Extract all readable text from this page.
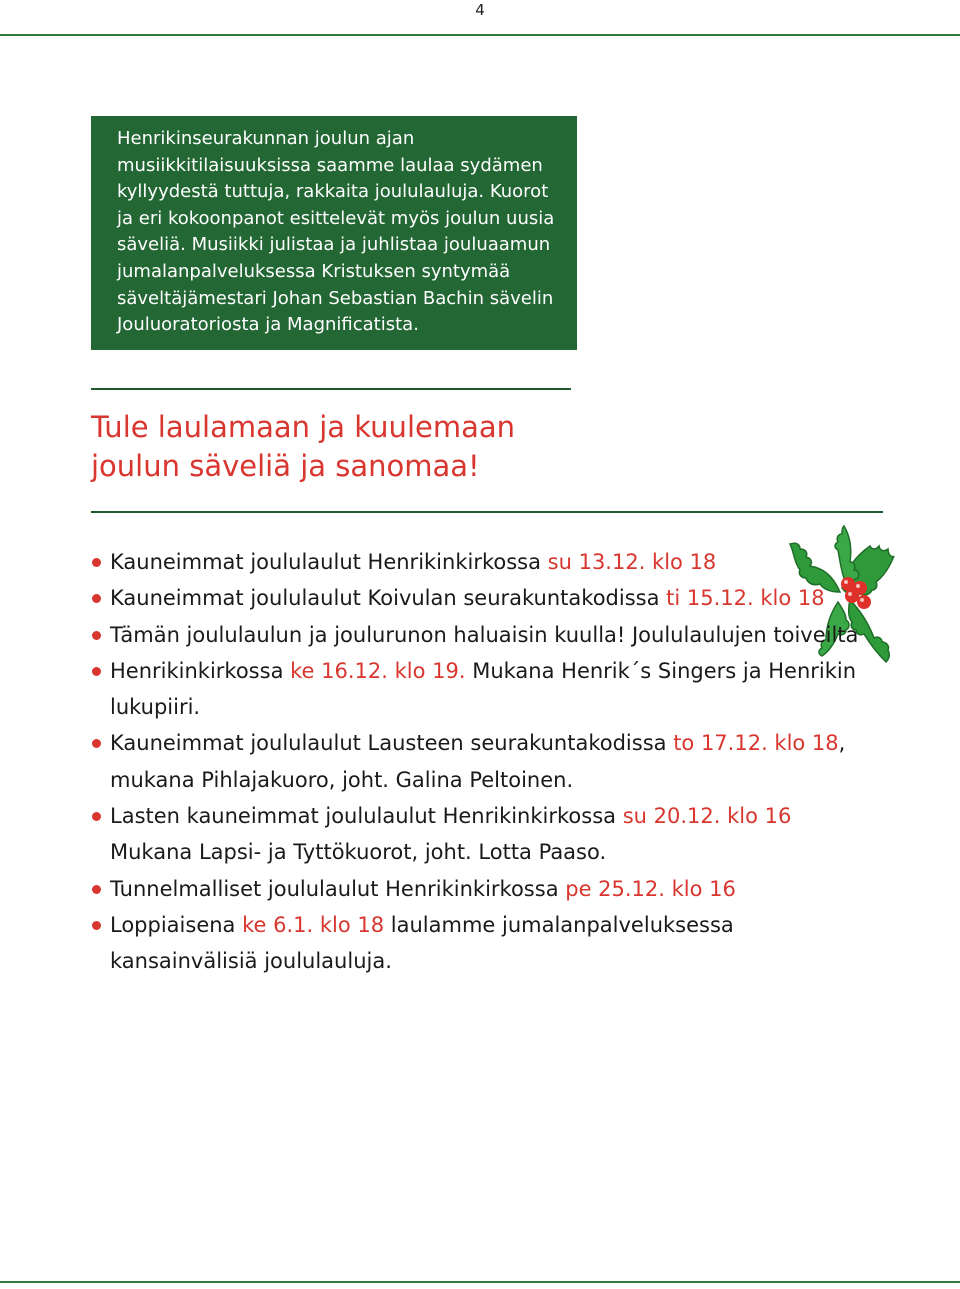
4

Henrikinseurakunnan joulun ajan musiikkitilaisuuksissa saamme laulaa sydämen kyllyydestä tuttuja, rakkaita joululauluja. Kuorot ja eri kokoonpanot esittelevät myös joulun uusia säveliä. Musiikki julistaa ja juhlistaa jouluaamun jumalanpalveluksessa Kristuksen syntymää säveltäjämestari Johan Sebastian Bachin sävelin Jouluoratoriosta ja Magnificatista.

Tule laulamaan ja kuulemaan
joulun säveliä ja sanomaa!
Kauneimmat joululaulut Henrikinkirkossa su 13.12. klo 18
Kauneimmat joululaulut Koivulan seurakuntakodissa ti 15.12. klo 18
Tämän joululaulun ja joulurunon haluaisin kuulla! Joululaulujen toiveilta
Henrikinkirkossa ke 16.12. klo 19. Mukana Henrik´s Singers ja Henrikin lukupiiri.
Kauneimmat joululaulut Lausteen seurakuntakodissa to 17.12. klo 18, mukana Pihlajakuoro, joht. Galina Peltoinen.
Lasten kauneimmat joululaulut Henrikinkirkossa su 20.12. klo 16 Mukana Lapsi- ja Tyttökuorot, joht. Lotta Paaso.
Tunnelmalliset joululaulut Henrikinkirkossa pe 25.12. klo 16
Loppiaisena ke 6.1. klo 18 laulamme jumalanpalveluksessa kansainvälisiä joululauluja.
